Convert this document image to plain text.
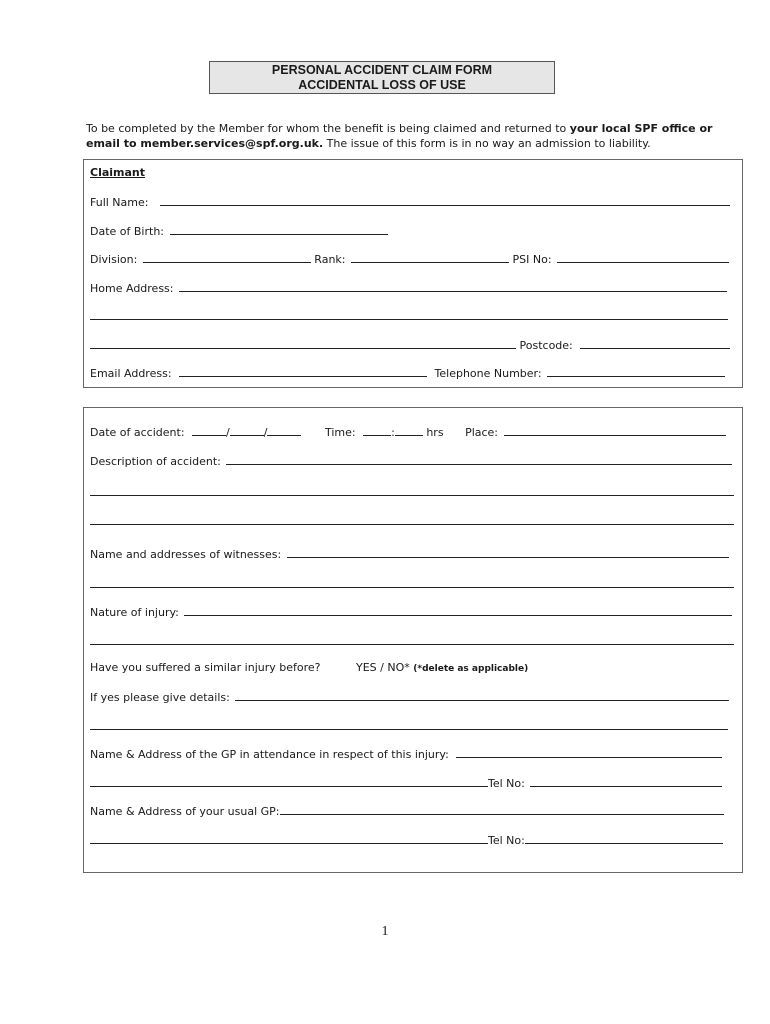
PERSONAL ACCIDENT CLAIM FORM
ACCIDENTAL LOSS OF USE
To be completed by the Member for whom the benefit is being claimed and returned to your local SPF office or email to member.services@spf.org.uk. The issue of this form is in no way an admission to liability.
Claimant
Full Name:
Date of Birth:
Division:	Rank:	PSI No:
Home Address:
Postcode:
Email Address:	Telephone Number:
Date of accident:	/	/	Time:	:	hrs Place:
Description of accident:
Name and addresses of witnesses:
Nature of injury:
Have you suffered a similar injury before?	YES / NO* (*delete as applicable)
If yes please give details:
Name & Address of the GP in attendance in respect of this injury:
Tel No:
Name & Address of your usual GP:
Tel No:
1
